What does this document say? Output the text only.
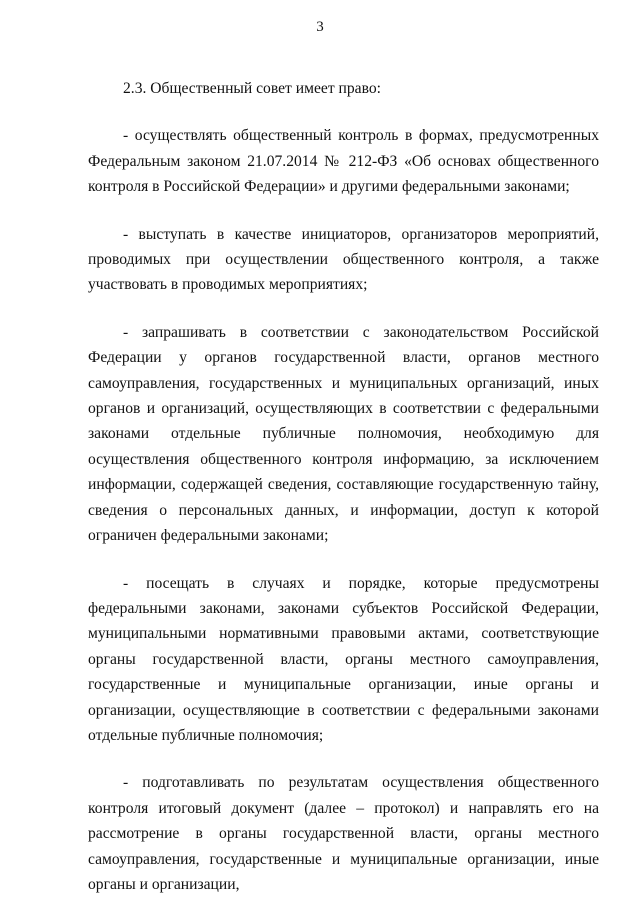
3

2.3. Общественный совет имеет право:

- осуществлять общественный контроль в формах, предусмотренных Федеральным законом 21.07.2014 № 212-ФЗ «Об основах общественного контроля в Российской Федерации» и другими федеральными законами;

- выступать в качестве инициаторов, организаторов мероприятий, проводимых при осуществлении общественного контроля, а также участвовать в проводимых мероприятиях;

- запрашивать в соответствии с законодательством Российской Федерации у органов государственной власти, органов местного самоуправления, государственных и муниципальных организаций, иных органов и организаций, осуществляющих в соответствии с федеральными законами отдельные публичные полномочия, необходимую для осуществления общественного контроля информацию, за исключением информации, содержащей сведения, составляющие государственную тайну, сведения о персональных данных, и информации, доступ к которой ограничен федеральными законами;

- посещать в случаях и порядке, которые предусмотрены федеральными законами, законами субъектов Российской Федерации, муниципальными нормативными правовыми актами, соответствующие органы государственной власти, органы местного самоуправления, государственные и муниципальные организации, иные органы и организации, осуществляющие в соответствии с федеральными законами отдельные публичные полномочия;

- подготавливать по результатам осуществления общественного контроля итоговый документ (далее – протокол) и направлять его на рассмотрение в органы государственной власти, органы местного самоуправления, государственные и муниципальные организации, иные органы и организации,
